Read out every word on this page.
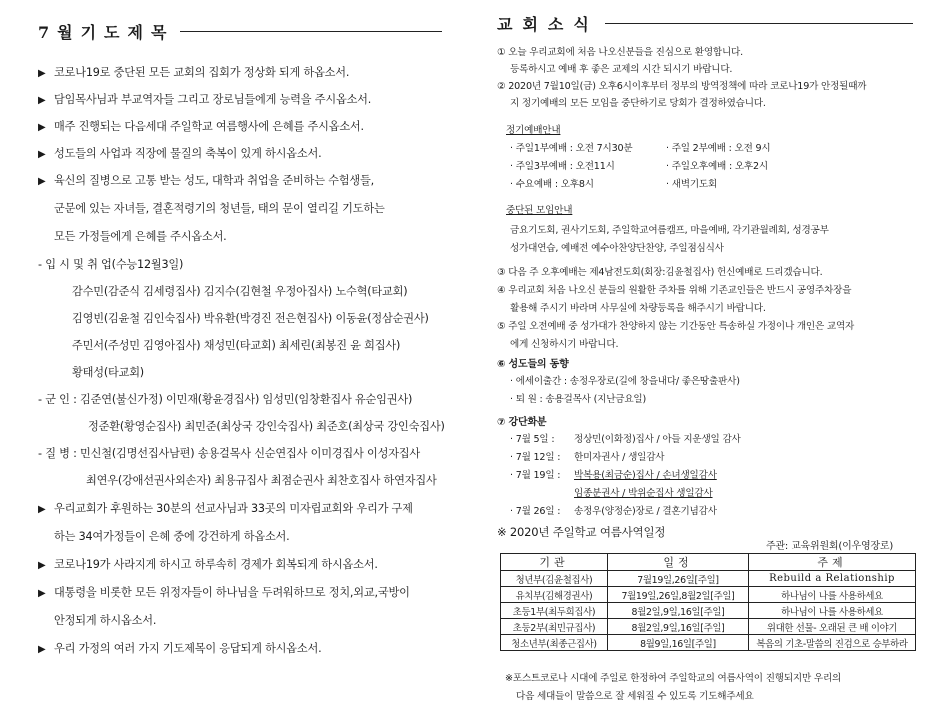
7월기도제목
▶ 코로나19로 중단된 모든 교회의 집회가 정상화 되게 하옵소서.
▶ 담임목사님과 부교역자들 그리고 장로님들에게 능력을 주시옵소서.
▶ 매주 진행되는 다음세대 주일학교 여름행사에 은혜를 주시옵소서.
▶ 성도들의 사업과 직장에 물질의 축복이 있게 하시옵소서.
▶ 육신의 질병으로 고통 받는 성도, 대학과 취업을 준비하는 수험생들,
군문에 있는 자녀들, 결혼적령기의 청년들, 태의 문이 열리길 기도하는
모든 가정들에게 은혜를 주시옵소서.
- 입 시 및 취 업(수능12월3일)
감수민(감준식 김세령집사) 김지수(김현철 우정아집사) 노수혁(타교회)
김영빈(김윤철 김인숙집사) 박유환(박경진 전은현집사) 이동윤(정삼순권사)
주민서(주성민 김영아집사) 채성민(타교회) 최세린(최봉진 윤 희집사)
황태성(타교회)
- 군 인 : 김준연(불신가정) 이민재(황윤경집사) 임성민(임창환집사 유순임권사)
정준환(황영순집사) 최민준(최상국 강인숙집사) 최준호(최상국 강인숙집사)
- 질 병 : 민신철(김명선집사남편) 송용걸목사 신순연집사 이미경집사 이성자집사
최연우(강애선권사외손자) 최용규집사 최점순권사 최찬호집사 하연자집사
▶ 우리교회가 후원하는 30분의 선교사님과 33곳의 미자립교회와 우리가 구제
하는 34여가정들이 은혜 중에 강건하게 하옵소서.
▶ 코로나19가 사라지게 하시고 하루속히 경제가 회복되게 하시옵소서.
▶ 대통령을 비롯한 모든 위정자들이 하나님을 두려워하므로 정치,외교,국방이
안정되게 하시옵소서.
▶ 우리 가정의 여러 가지 기도제목이 응답되게 하시옵소서.
교회소식
① 오늘 우리교회에 처음 나오신분들을 진심으로 환영합니다.
등록하시고 예배 후 좋은 교제의 시간 되시기 바랍니다.
② 2020년 7월10일(금) 오후6시이후부터 정부의 방역정책에 따라 코로나19가 안정될때까
지 정기예배의 모든 모임을 중단하기로 당회가 결정하였습니다.
정기예배안내
· 주일1부예배 : 오전 7시30분	· 주일 2부예배 : 오전 9시
· 주일3부예배 : 오전11시	· 주일오후예배 : 오후2시
· 수요예배 : 오후8시	· 새벽기도회
중단된 모임안내
금요기도회, 권사기도회, 주일학교여름캠프, 마을예배, 각기관월례회, 성경공부
성가대연습, 예배전 예수아찬양단찬양, 주일점심식사
③ 다음 주 오후예배는 제4남전도회(회장:김윤철집사) 헌신예배로 드리겠습니다.
④ 우리교회 처음 나오신 분들의 원활한 주차를 위해 기존교인들은 반드시 공영주차장을
활용해 주시기 바라며 사무실에 차량등록을 해주시기 바랍니다.
⑤ 주일 오전예배 중 성가대가 찬양하지 않는 기간동안 특송하실 가정이나 개인은 교역자
에게 신청하시기 바랍니다.
⑥ 성도들의 동향
· 에세이출간 : 송정우장로(길에 창을내다/ 좋은땅출판사)
· 퇴 원 : 송용걸목사 (지난금요일)
⑦ 강단화분
· 7월 5일 : 정상민(이화정)집사 / 아들 지운생일 감사
· 7월 12일 : 한미자권사 / 생일감사
· 7월 19일 : 박복용(최금순)집사 / 손녀생일감사
임종분권사 / 박위순집사 생일감사
· 7월 26일 : 송정우(양정순)장로 / 결혼기념감사
※ 2020년 주일학교 여름사역일정
주관: 교육위원회(이우영장로)
기관	일정	주제
청년부(김윤철집사)	7월19일,26일[주일]	Rebuild a Relationship
유치부(김해경권사)	7월19일,26일,8월2일[주일]	하나님이 나를 사용하세요
초등1부(최두희집사)	8월2일,9일,16일[주일]	하나님이 나를 사용하세요
초등2부(최민규집사)	8월2일,9일,16일[주일]	위대한 선물- 오래된 큰 배 이야기
청소년부(최종근집사)	8월9일,16일[주일]	복음의 기초-말씀의 진검으로 승부하라
※포스트코로나 시대에 주일로 한정하여 주일학교의 여름사역이 진행되지만 우리의
다음 세대들이 말씀으로 잘 세워질 수 있도록 기도해주세요
